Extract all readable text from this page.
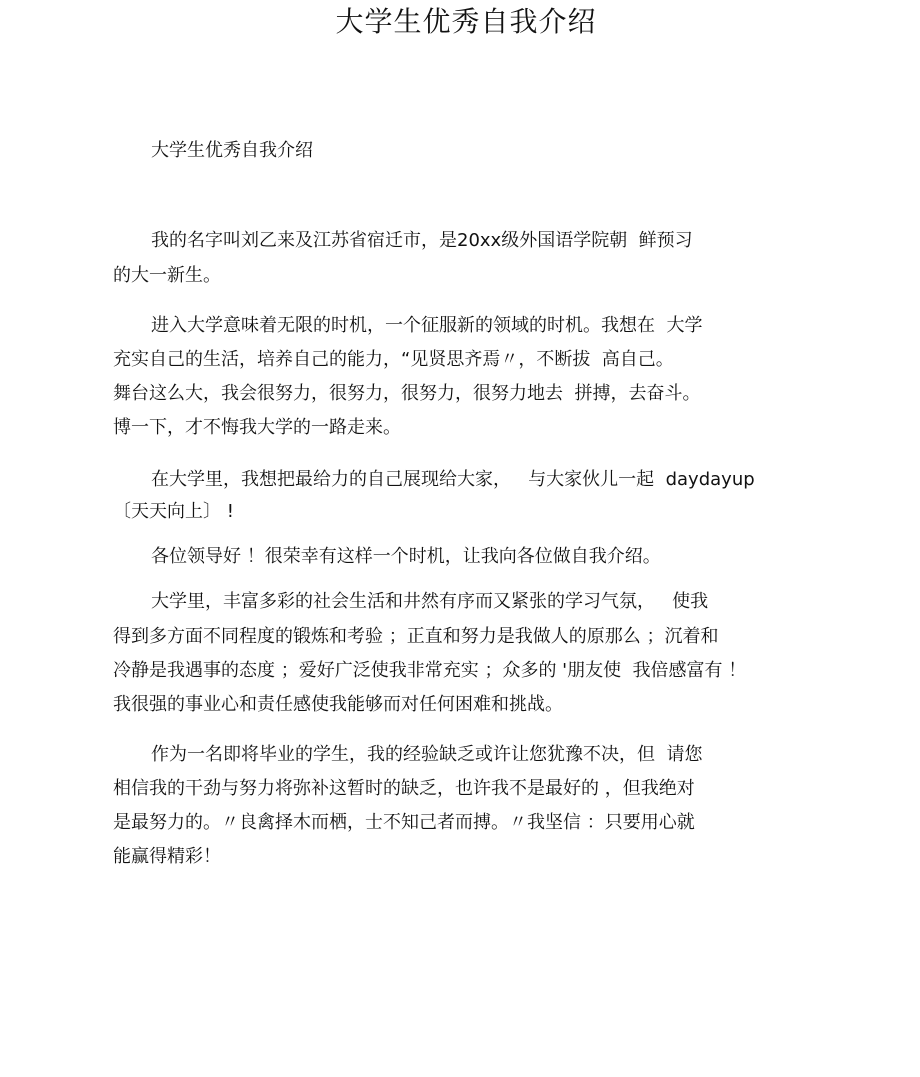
大学生优秀自我介绍
大学生优秀自我介绍
我的名字叫刘乙来及江苏省宿迁市，是20xx级外国语学院朝  鲜预习
的大一新生。
进入大学意味着无限的时机，一个征服新的领域的时机。我想在  大学
充实自己的生活，培养自己的能力，“见贤思齐焉〃，不断拔  高自己。
舞台这么大，我会很努力，很努力，很努力，很努力地去  拼搏，去奋斗。
博一下，才不悔我大学的一路走来。
在大学里，我想把最给力的自己展现给大家，   与大家伙儿一起  daydayup
〔天天向上〕 !
各位领导好 ！很荣幸有这样一个时机，让我向各位做自我介绍。
大学里，丰富多彩的社会生活和井然有序而又紧张的学习气氛，   使我
得到多方面不同程度的锻炼和考验 ；正直和努力是我做人的原那么 ；沉着和
冷静是我遇事的态度 ；爱好广泛使我非常充实 ；众多的 '朋友使  我倍感富有 ！
我很强的事业心和责任感使我能够而对任何困难和挑战。
作为一名即将毕业的学生，我的经验缺乏或许让您犹豫不决，但  请您
相信我的干劲与努力将弥补这暂时的缺乏，也许我不是最好的 ，但我绝对
是最努力的。〃良禽择木而栖，士不知己者而搏。〃我坚信 ：只要用心就
能赢得精彩！
